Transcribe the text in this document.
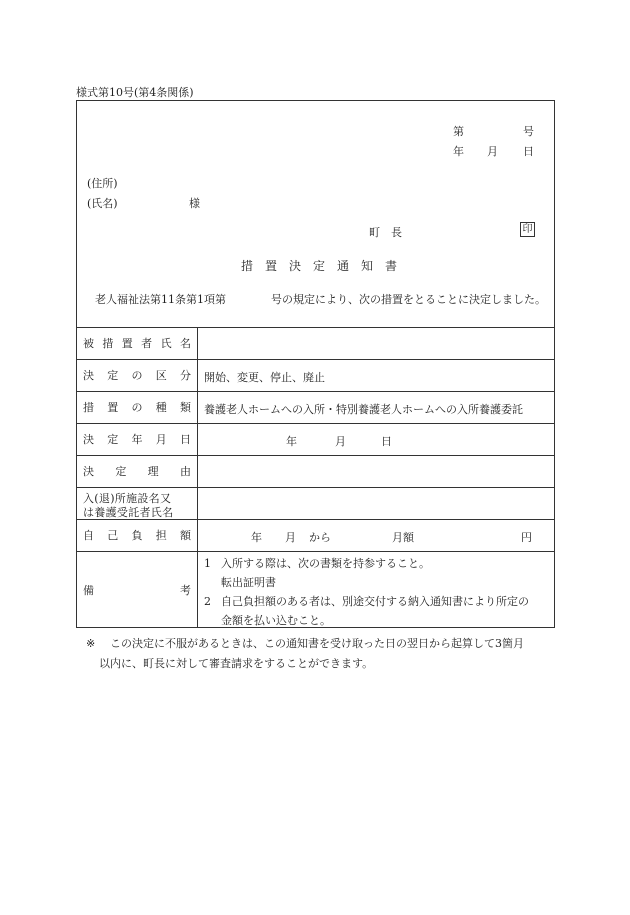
様式第10号(第4条関係)
第	号
年 月 日
(住所)
(氏名)	様
町　長	印
措　置　決　定　通　知　書
老人福祉法第11条第1項第	号の規定により、次の措置をとることに決定しました。
被 措 置 者 氏 名
決 定 の 区 分 開始、変更、停止、廃止
措 置 の 種 類 養護老人ホームへの入所・特別養護老人ホームへの入所養護委託
決 定 年 月 日	年	月	日
決 定 理 由
入(退)所施設名又
は養護受託者氏名
自 己 負 担 額	年 月 から	月額	円
備	考
1 入所する際は、次の書類を持参すること。
転出証明書
2 自己負担額のある者は、別途交付する納入通知書により所定の
金額を払い込むこと。
※ この決定に不服があるときは、この通知書を受け取った日の翌日から起算して3箇月
以内に、町長に対して審査請求をすることができます。
